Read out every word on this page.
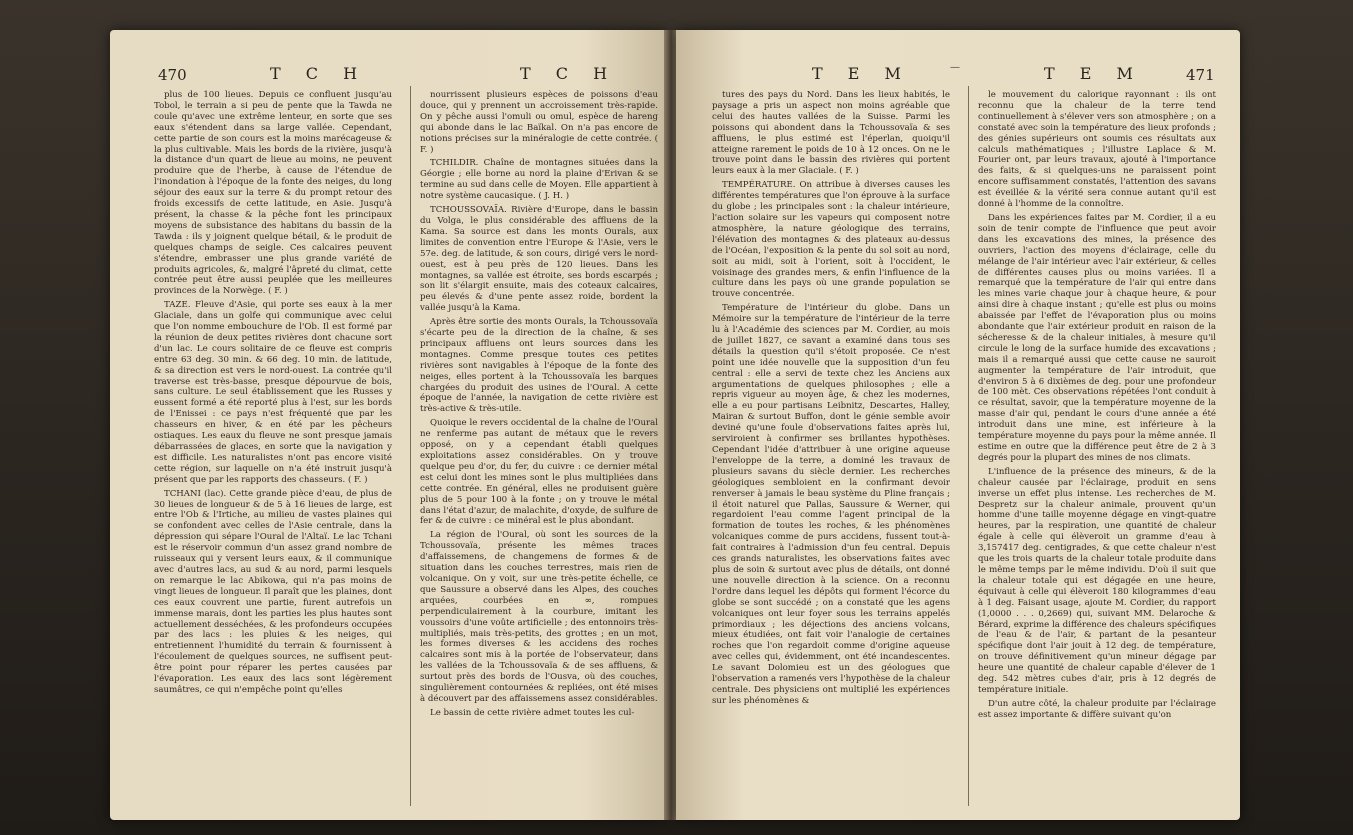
470	T C H	T C H

plus de 100 lieues. Depuis ce confluent jusqu'au Tobol, le terrain a si peu de pente que la Tawda ne coule qu'avec une extrême lenteur, en sorte que ses eaux s'étendent dans sa large vallée. Cependant, cette partie de son cours est la moins marécageuse & la plus cultivable. Mais les bords de la rivière, jusqu'à la distance d'un quart de lieue au moins, ne peuvent produire que de l'herbe, à cause de l'étendue de l'inondation à l'époque de la fonte des neiges, du long séjour des eaux sur la terre & du prompt retour des froids excessifs de cette latitude, en Asie. Jusqu'à présent, la chasse & la pêche font les principaux moyens de subsistance des habitans du bassin de la Tawda : ils y joignent quelque bétail, & le produit de quelques champs de seigle. Ces calcaires peuvent s'étendre, embrasser une plus grande variété de produits agricoles, &, malgré l'âpreté du climat, cette contrée peut être aussi peuplée que les meilleures provinces de la Norwège. ( F. )

TAZE. Fleuve d'Asie, qui porte ses eaux à la mer Glaciale, dans un golfe qui communique avec celui que l'on nomme embouchure de l'Ob. Il est formé par la réunion de deux petites rivières dont chacune sort d'un lac. Le cours solitaire de ce fleuve est compris entre 63 deg. 30 min. & 66 deg. 10 min. de latitude, & sa direction est vers le nord-ouest. La contrée qu'il traverse est très-basse, presque dépourvue de bois, sans culture. Le seul établissement que les Russes y eussent formé a été reporté plus à l'est, sur les bords de l'Enissei : ce pays n'est fréquenté que par les chasseurs en hiver, & en été par les pêcheurs ostiaques. Les eaux du fleuve ne sont presque jamais débarrassées de glaces, en sorte que la navigation y est difficile. Les naturalistes n'ont pas encore visité cette région, sur laquelle on n'a été instruit jusqu'à présent que par les rapports des chasseurs. ( F. )

TCHANI (lac). Cette grande pièce d'eau, de plus de 30 lieues de longueur & de 5 à 16 lieues de large, est entre l'Ob & l'Irtiche, au milieu de vastes plaines qui se confondent avec celles de l'Asie centrale, dans la dépression qui sépare l'Oural de l'Altaï. Le lac Tchani est le réservoir commun d'un assez grand nombre de ruisseaux qui y versent leurs eaux, & il communique avec d'autres lacs, au sud & au nord, parmi lesquels on remarque le lac Abikowa, qui n'a pas moins de vingt lieues de longueur. Il paraît que les plaines, dont ces eaux couvrent une partie, furent autrefois un immense marais, dont les parties les plus hautes sont actuellement desséchées, & les profondeurs occupées par des lacs : les pluies & les neiges, qui entretiennent l'humidité du terrain & fournissent à l'écoulement de quelques sources, ne suffisent peut-être point pour réparer les pertes causées par l'évaporation. Les eaux des lacs sont légèrement saumâtres, ce qui n'empêche point qu'elles

nourrissent plusieurs espèces de poissons d'eau douce, qui y prennent un accroissement très-rapide. On y pêche aussi l'omuli ou omul, espèce de hareng qui abonde dans le lac Baïkal. On n'a pas encore de notions précises sur la minéralogie de cette contrée. ( F. )

TCHILDIR. Chaîne de montagnes situées dans la Géorgie ; elle borne au nord la plaine d'Erivan & se termine au sud dans celle de Moyen. Elle appartient à notre système caucasique. ( J. H. )

TCHOUSSOVAÏA. Rivière d'Europe, dans le bassin du Volga, le plus considérable des affluens de la Kama. Sa source est dans les monts Ourals, aux limites de convention entre l'Europe & l'Asie, vers le 57e. deg. de latitude, & son cours, dirigé vers le nord-ouest, est à peu près de 120 lieues. Dans les montagnes, sa vallée est étroite, ses bords escarpés ; son lit s'élargit ensuite, mais des coteaux calcaires, peu élevés & d'une pente assez roide, bordent la vallée jusqu'à la Kama.

Après être sortie des monts Ourals, la Tchoussovaïa s'écarte peu de la direction de la chaîne, & ses principaux affluens ont leurs sources dans les montagnes. Comme presque toutes ces petites rivières sont navigables à l'époque de la fonte des neiges, elles portent à la Tchoussovaïa les barques chargées du produit des usines de l'Oural. A cette époque de l'année, la navigation de cette rivière est très-active & très-utile.

Quoique le revers occidental de la chaîne de l'Oural ne renferme pas autant de métaux que le revers opposé, on y a cependant établi quelques exploitations assez considérables. On y trouve quelque peu d'or, du fer, du cuivre : ce dernier métal est celui dont les mines sont le plus multipliées dans cette contrée. En général, elles ne produisent guère plus de 5 pour 100 à la fonte ; on y trouve le métal dans l'état d'azur, de malachite, d'oxyde, de sulfure de fer & de cuivre : ce minéral est le plus abondant.

La région de l'Oural, où sont les sources de la Tchoussovaïa, présente les mêmes traces d'affaissemens, de changemens de formes & de situation dans les couches terrestres, mais rien de volcanique. On y voit, sur une très-petite échelle, ce que Saussure a observé dans les Alpes, des couches arquées, courbées en ∞, rompues perpendiculairement à la courbure, imitant les voussoirs d'une voûte artificielle ; des entonnoirs très-multipliés, mais très-petits, des grottes ; en un mot, les formes diverses & les accidens des roches calcaires sont mis à la portée de l'observateur, dans les vallées de la Tchoussovaïa & de ses affluens, & surtout près des bords de l'Ousva, où des couches, singulièrement contournées & repliées, ont été mises à découvert par des affaissemens assez considérables.

Le bassin de cette rivière admet toutes les cul-

T E M	—	T E M	471

tures des pays du Nord. Dans les lieux habités, le paysage a pris un aspect non moins agréable que celui des hautes vallées de la Suisse. Parmi les poissons qui abondent dans la Tchoussovaïa & ses affluens, le plus estimé est l'éperlan, quoiqu'il atteigne rarement le poids de 10 à 12 onces. On ne le trouve point dans le bassin des rivières qui portent leurs eaux à la mer Glaciale. ( F. )

TEMPÉRATURE. On attribue à diverses causes les différentes températures que l'on éprouve à la surface du globe ; les principales sont : la chaleur intérieure, l'action solaire sur les vapeurs qui composent notre atmosphère, la nature géologique des terrains, l'élévation des montagnes & des plateaux au-dessus de l'Océan, l'exposition & la pente du sol soit au nord, soit au midi, soit à l'orient, soit à l'occident, le voisinage des grandes mers, & enfin l'influence de la culture dans les pays où une grande population se trouve concentrée.

Température de l'intérieur du globe. Dans un Mémoire sur la température de l'intérieur de la terre lu à l'Académie des sciences par M. Cordier, au mois de juillet 1827, ce savant a examiné dans tous ses détails la question qu'il s'étoit proposée. Ce n'est point une idée nouvelle que la supposition d'un feu central : elle a servi de texte chez les Anciens aux argumentations de quelques philosophes ; elle a repris vigueur au moyen âge, & chez les modernes, elle a eu pour partisans Leibnitz, Descartes, Halley, Mairan & surtout Buffon, dont le génie semble avoir deviné qu'une foule d'observations faites après lui, serviroient à confirmer ses brillantes hypothèses. Cependant l'idée d'attribuer à une origine aqueuse l'enveloppe de la terre, a dominé les travaux de plusieurs savans du siècle dernier. Les recherches géologiques sembloient en la confirmant devoir renverser à jamais le beau système du Pline français ; il étoit naturel que Pallas, Saussure & Werner, qui regardoient l'eau comme l'agent principal de la formation de toutes les roches, & les phénomènes volcaniques comme de purs accidens, fussent tout-à-fait contraires à l'admission d'un feu central. Depuis ces grands naturalistes, les observations faites avec plus de soin & surtout avec plus de détails, ont donné une nouvelle direction à la science. On a reconnu l'ordre dans lequel les dépôts qui forment l'écorce du globe se sont succédé ; on a constaté que les agens volcaniques ont leur foyer sous les terrains appelés primordiaux ; les déjections des anciens volcans, mieux étudiées, ont fait voir l'analogie de certaines roches que l'on regardoit comme d'origine aqueuse avec celles qui, évidemment, ont été incandescentes. Le savant Dolomieu est un des géologues que l'observation a ramenés vers l'hypothèse de la chaleur centrale. Des physiciens ont multiplié les expériences sur les phénomènes &

le mouvement du calorique rayonnant : ils ont reconnu que la chaleur de la terre tend continuellement à s'élever vers son atmosphère ; on a constaté avec soin la température des lieux profonds ; des génies supérieurs ont soumis ces résultats aux calculs mathématiques ; l'illustre Laplace & M. Fourier ont, par leurs travaux, ajouté à l'importance des faits, & si quelques-uns ne paraissent point encore suffisamment constatés, l'attention des savans est éveillée & la vérité sera connue autant qu'il est donné à l'homme de la connoître.

Dans les expériences faites par M. Cordier, il a eu soin de tenir compte de l'influence que peut avoir dans les excavations des mines, la présence des ouvriers, l'action des moyens d'éclairage, celle du mélange de l'air intérieur avec l'air extérieur, & celles de différentes causes plus ou moins variées. Il a remarqué que la température de l'air qui entre dans les mines varie chaque jour à chaque heure, & pour ainsi dire à chaque instant ; qu'elle est plus ou moins abaissée par l'effet de l'évaporation plus ou moins abondante que l'air extérieur produit en raison de la sécheresse & de la chaleur initiales, à mesure qu'il circule le long de la surface humide des excavations ; mais il a remarqué aussi que cette cause ne sauroit augmenter la température de l'air introduit, que d'environ 5 à 6 dixièmes de deg. pour une profondeur de 100 mèt. Ces observations répétées l'ont conduit à ce résultat, savoir, que la température moyenne de la masse d'air qui, pendant le cours d'une année a été introduit dans une mine, est inférieure à la température moyenne du pays pour la même année. Il estime en outre que la différence peut être de 2 à 3 degrés pour la plupart des mines de nos climats.

L'influence de la présence des mineurs, & de la chaleur causée par l'éclairage, produit en sens inverse un effet plus intense. Les recherches de M. Despretz sur la chaleur animale, prouvent qu'un homme d'une taille moyenne dégage en vingt-quatre heures, par la respiration, une quantité de chaleur égale à celle qui élèveroit un gramme d'eau à 3,157417 deg. centigrades, & que cette chaleur n'est que les trois quarts de la chaleur totale produite dans le même temps par le même individu. D'où il suit que la chaleur totale qui est dégagée en une heure, équivaut à celle qui élèveroit 180 kilogrammes d'eau à 1 deg. Faisant usage, ajoute M. Cordier, du rapport (1,0000 . . . 0,2669) qui, suivant MM. Delaroche & Bérard, exprime la différence des chaleurs spécifiques de l'eau & de l'air, & partant de la pesanteur spécifique dont l'air jouit à 12 deg. de température, on trouve définitivement qu'un mineur dégage par heure une quantité de chaleur capable d'élever de 1 deg. 542 mètres cubes d'air, pris à 12 degrés de température initiale.

D'un autre côté, la chaleur produite par l'éclairage est assez importante & diffère suivant qu'on
